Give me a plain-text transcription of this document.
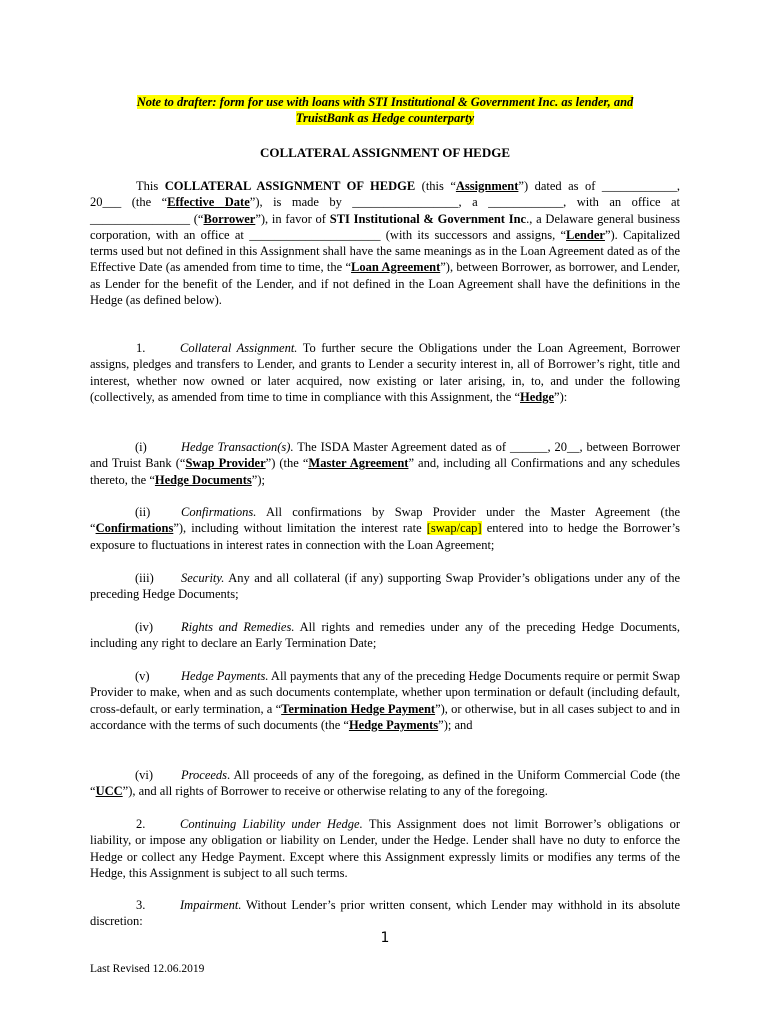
Note to drafter: form for use with loans with STI Institutional & Government Inc. as lender, and
TruistBank as Hedge counterparty
COLLATERAL ASSIGNMENT OF HEDGE
This COLLATERAL ASSIGNMENT OF HEDGE (this “Assignment”) dated as of ____________, 20___ (the “Effective Date”), is made by _________________, a ____________, with an office at ________________ (“Borrower”), in favor of STI Institutional & Government Inc., a Delaware general business corporation, with an office at _____________________ (with its successors and assigns, “Lender”). Capitalized terms used but not defined in this Assignment shall have the same meanings as in the Loan Agreement dated as of the Effective Date (as amended from time to time, the “Loan Agreement”), between Borrower, as borrower, and Lender, as Lender for the benefit of the Lender, and if not defined in the Loan Agreement shall have the definitions in the Hedge (as defined below).
1.	Collateral Assignment. To further secure the Obligations under the Loan Agreement, Borrower assigns, pledges and transfers to Lender, and grants to Lender a security interest in, all of Borrower’s right, title and interest, whether now owned or later acquired, now existing or later arising, in, to, and under the following (collectively, as amended from time to time in compliance with this Assignment, the “Hedge”):
(i)	Hedge Transaction(s). The ISDA Master Agreement dated as of ______, 20__, between Borrower and Truist Bank (“Swap Provider”) (the “Master Agreement” and, including all Confirmations and any schedules thereto, the “Hedge Documents”);
(ii) Confirmations. All confirmations by Swap Provider under the Master Agreement (the “Confirmations”), including without limitation the interest rate [swap/cap] entered into to hedge the Borrower’s exposure to fluctuations in interest rates in connection with the Loan Agreement;
(iii) Security. Any and all collateral (if any) supporting Swap Provider’s obligations under any of the preceding Hedge Documents;
(iv) Rights and Remedies. All rights and remedies under any of the preceding Hedge Documents, including any right to declare an Early Termination Date;
(v)	Hedge Payments. All payments that any of the preceding Hedge Documents require or permit Swap Provider to make, when and as such documents contemplate, whether upon termination or default (including default, cross-default, or early termination, a “Termination Hedge Payment”), or otherwise, but in all cases subject to and in accordance with the terms of such documents (the “Hedge Payments”); and
(vi) Proceeds. All proceeds of any of the foregoing, as defined in the Uniform Commercial Code (the “UCC”), and all rights of Borrower to receive or otherwise relating to any of the foregoing.
2.	Continuing Liability under Hedge. This Assignment does not limit Borrower’s obligations or liability, or impose any obligation or liability on Lender, under the Hedge. Lender shall have no duty to enforce the Hedge or collect any Hedge Payment. Except where this Assignment expressly limits or modifies any terms of the Hedge, this Assignment is subject to all such terms.
3.	Impairment. Without Lender’s prior written consent, which Lender may withhold in its absolute discretion:
1
Last Revised 12.06.2019
